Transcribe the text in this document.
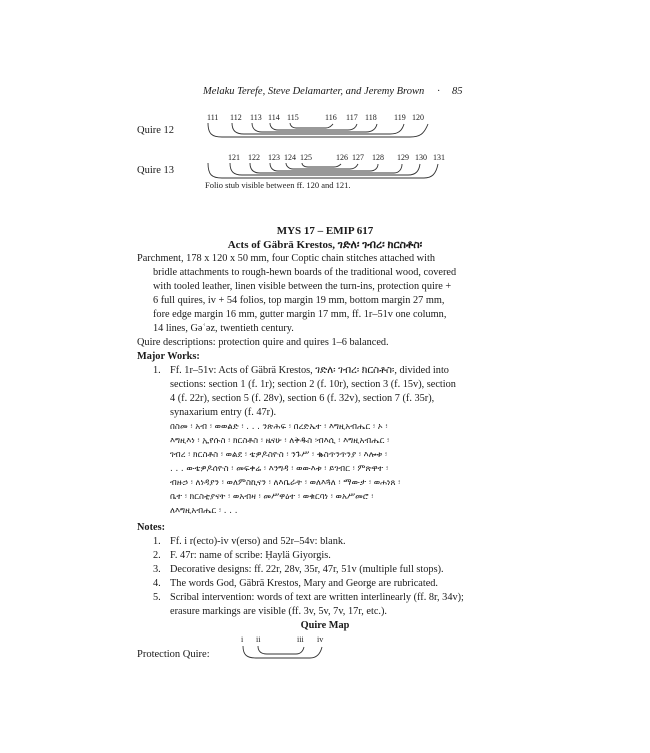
Melaku Terefe, Steve Delamarter, and Jeremy Brown · 85
111 112 113 114 115	116 117 118 119 120
Quire 12
121 122 123 124 125	126 127 128 129 130 131
Quire 13
Folio stub visible between ff. 120 and 121.
MYS 17 – EMIP 617
Acts of Gäbrä Krestos, ገድለ፡ ገብረ፡ ክርስቶስ፡
Parchment, 178 x 120 x 50 mm, four Coptic chain stitches attached with
bridle attachments to rough-hewn boards of the traditional wood, covered
with tooled leather, linen visible between the turn-ins, protection quire +
6 full quires, iv + 54 folios, top margin 19 mm, bottom margin 27 mm,
fore edge margin 16 mm, gutter margin 17 mm, ff. 1r–51v one column,
14 lines, Gəʿəz, twentieth century.
Quire descriptions: protection quire and quires 1–6 balanced.
Major Works:
1. Ff. 1r–51v: Acts of Gäbrä Krestos, ገድለ፡ ገብረ፡ ክርስቶስ፡, divided into
sections: section 1 (f. 1r); section 2 (f. 10r), section 3 (f. 15v), section
4 (f. 22r), section 5 (f. 28v), section 6 (f. 32v), section 7 (f. 35r),
synaxarium entry (f. 47r).
በስመ ፡ አብ ፡ ወወልድ ፡ . . . ንጽሕፍ ፡ በረድኤተ ፡ እግዚአብሔር ፡ ኦ ፡
እግዚእነ ፡ ኢየሱስ ፡ ክርስቶስ ፡ ዜናሁ ፡ ለቅዱስ ፡ብእሲ ፡ እግዚአብሔር ፡
ገብረ ፡ ክርስቶስ ፡ ወልደ ፡ ቴዎዶስዮስ ፡ ንጉሥ ፡ ቈስጥንጥንያ ፡ እሎቱ ፡
. . . ውቴዎዶሰዮስ ፡ መፍቀሬ ፡ እንግዳ ፡ ወውእቱ ፡ ይገብር ፡ ምጽዋተ ፡
ብዙኃ ፡ ለነዳያን ፡ ወለምስኪናን ፡ ለእቤራት ፡ ወለእጓለ ፡ ማውታ ፡ ወሐነጸ ፡
ቤተ ፡ ክርስቲያናት ፡ ወአብዛ ፡ መሥዋዕተ ፡ ወቁርባነ ፡ ወአሥመሮ ፡
ለእግዚአብሔር ፡ . . .
Notes:
1. Ff. i r(ecto)-iv v(erso) and 52r–54v: blank.
2. F. 47r: name of scribe: Ḥaylä Giyorgis.
3. Decorative designs: ff. 22r, 28v, 35r, 47r, 51v (multiple full stops).
4. The words God, Gäbrä Krestos, Mary and George are rubricated.
5. Scribal intervention: words of text are written interlinearly (ff. 8r, 34v);
erasure markings are visible (ff. 3v, 5v, 7v, 17r, etc.).
Quire Map
i ii	iii iv
Protection Quire:
